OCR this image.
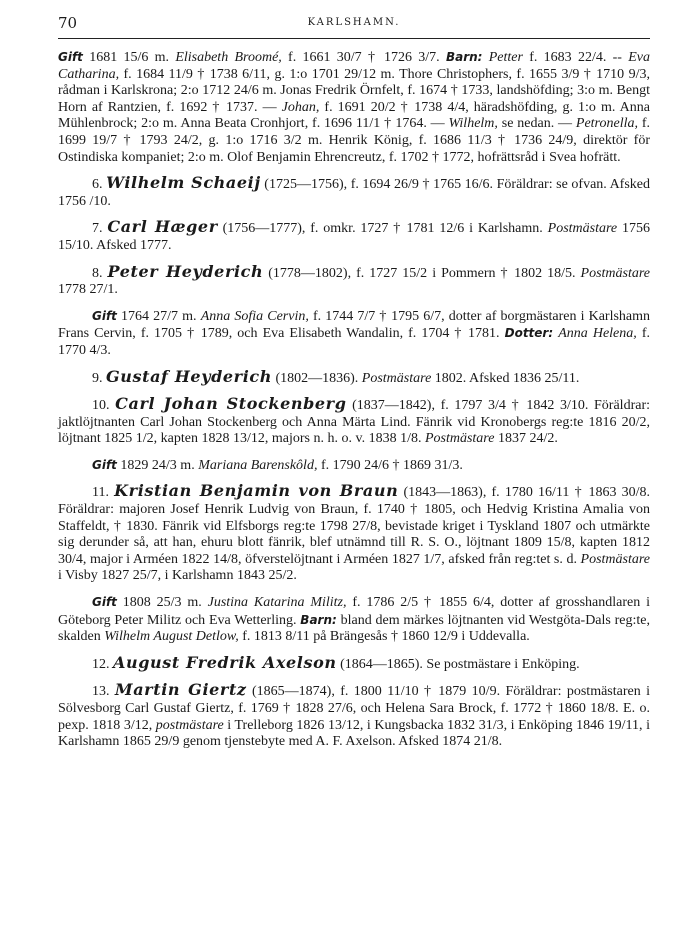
70	KARLSHAMN.

Gift 1681 15/6 m. Elisabeth Broomé, f. 1661 30/7 † 1726 3/7. Barn: Petter f. 1683 22/4. -- Eva Catharina, f. 1684 11/9 † 1738 6/11, g. 1:o 1701 29/12 m. Thore Christophers, f. 1655 3/9 † 1710 9/3, rådman i Karlskrona; 2:o 1712 24/6 m. Jonas Fredrik Örnfelt, f. 1674 † 1733, landshöfding; 3:o m. Bengt Horn af Rantzien, f. 1692 † 1737. — Johan, f. 1691 20/2 † 1738 4/4, häradshöfding, g. 1:o m. Anna Mühlenbrock; 2:o m. Anna Beata Cronhjort, f. 1696 11/1 † 1764. — Wilhelm, se nedan. — Petronella, f. 1699 19/7 † 1793 24/2, g. 1:o 1716 3/2 m. Henrik König, f. 1686 11/3 † 1736 24/9, direktör för Ostindiska kompaniet; 2:o m. Olof Benjamin Ehrencreutz, f. 1702 † 1772, hofrättsråd i Svea hofrätt.

6. Wilhelm Schaeij (1725—1756), f. 1694 26/9 † 1765 16/6. Föräldrar: se ofvan. Afsked 1756 /10.

7. Carl Hæger (1756—1777), f. omkr. 1727 † 1781 12/6 i Karlshamn. Postmästare 1756 15/10. Afsked 1777.

8. Peter Heyderich (1778—1802), f. 1727 15/2 i Pommern † 1802 18/5. Postmästare 1778 27/1.

Gift 1764 27/7 m. Anna Sofia Cervin, f. 1744 7/7 † 1795 6/7, dotter af borgmästaren i Karlshamn Frans Cervin, f. 1705 † 1789, och Eva Elisabeth Wandalin, f. 1704 † 1781. Dotter: Anna Helena, f. 1770 4/3.

9. Gustaf Heyderich (1802—1836). Postmästare 1802. Afsked 1836 25/11.

10. Carl Johan Stockenberg (1837—1842), f. 1797 3/4 † 1842 3/10. Föräldrar: jaktlöjtnanten Carl Johan Stockenberg och Anna Märta Lind. Fänrik vid Kronobergs reg:te 1816 20/2, löjtnant 1825 1/2, kapten 1828 13/12, majors n. h. o. v. 1838 1/8. Postmästare 1837 24/2.

Gift 1829 24/3 m. Mariana Barenskôld, f. 1790 24/6 † 1869 31/3.

11. Kristian Benjamin von Braun (1843—1863), f. 1780 16/11 † 1863 30/8. Föräldrar: majoren Josef Henrik Ludvig von Braun, f. 1740 † 1805, och Hedvig Kristina Amalia von Staffeldt, † 1830. Fänrik vid Elfsborgs reg:te 1798 27/8, bevistade kriget i Tyskland 1807 och utmärkte sig derunder så, att han, ehuru blott fänrik, blef utnämnd till R. S. O., löjtnant 1809 15/8, kapten 1812 30/4, major i Arméen 1822 14/8, öfverstelöjtnant i Arméen 1827 1/7, afsked från reg:tet s. d. Postmästare i Visby 1827 25/7, i Karlshamn 1843 25/2.

Gift 1808 25/3 m. Justina Katarina Militz, f. 1786 2/5 † 1855 6/4, dotter af grosshandlaren i Göteborg Peter Militz och Eva Wetterling. Barn: bland dem märkes löjtnanten vid Westgöta-Dals reg:te, skalden Wilhelm August Detlow, f. 1813 8/11 på Brängesås † 1860 12/9 i Uddevalla.

12. August Fredrik Axelson (1864—1865). Se postmästare i Enköping.

13. Martin Giertz (1865—1874), f. 1800 11/10 † 1879 10/9. Föräldrar: postmästaren i Sölvesborg Carl Gustaf Giertz, f. 1769 † 1828 27/6, och Helena Sara Brock, f. 1772 † 1860 18/8. E. o. pexp. 1818 3/12, postmästare i Trelleborg 1826 13/12, i Kungsbacka 1832 31/3, i Enköping 1846 19/11, i Karlshamn 1865 29/9 genom tjenstebyte med A. F. Axelson. Afsked 1874 21/8.
